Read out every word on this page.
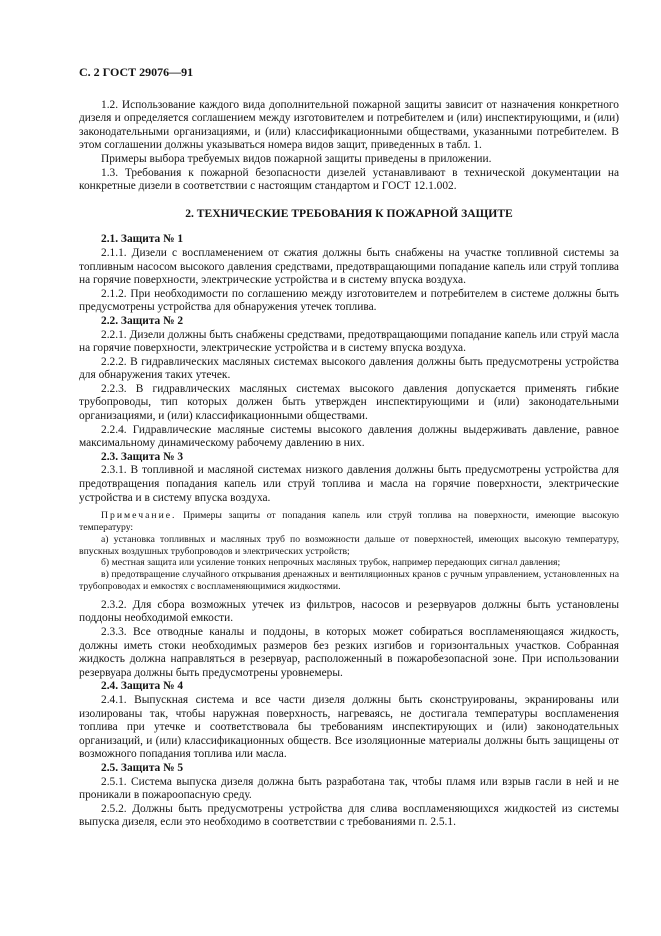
С. 2 ГОСТ 29076—91

1.2. Использование каждого вида дополнительной пожарной защиты зависит от назначения конкретного дизеля и определяется соглашением между изготовителем и потребителем и (или) инспектирующими, и (или) законодательными организациями, и (или) классификационными обществами, указанными потребителем. В этом соглашении должны указываться номера видов защит, приведенных в табл. 1.

Примеры выбора требуемых видов пожарной защиты приведены в приложении.

1.3. Требования к пожарной безопасности дизелей устанавливают в технической документации на конкретные дизели в соответствии с настоящим стандартом и ГОСТ 12.1.002.

2. ТЕХНИЧЕСКИЕ ТРЕБОВАНИЯ К ПОЖАРНОЙ ЗАЩИТЕ

2.1. Защита № 1

2.1.1. Дизели с воспламенением от сжатия должны быть снабжены на участке топливной системы за топливным насосом высокого давления средствами, предотвращающими попадание капель или струй топлива на горячие поверхности, электрические устройства и в систему впуска воздуха.

2.1.2. При необходимости по соглашению между изготовителем и потребителем в системе должны быть предусмотрены устройства для обнаружения утечек топлива.

2.2. Защита № 2

2.2.1. Дизели должны быть снабжены средствами, предотвращающими попадание капель или струй масла на горячие поверхности, электрические устройства и в систему впуска воздуха.

2.2.2. В гидравлических масляных системах высокого давления должны быть предусмотрены устройства для обнаружения таких утечек.

2.2.3. В гидравлических масляных системах высокого давления допускается применять гибкие трубопроводы, тип которых должен быть утвержден инспектирующими и (или) законодательными организациями, и (или) классификационными обществами.

2.2.4. Гидравлические масляные системы высокого давления должны выдерживать давление, равное максимальному динамическому рабочему давлению в них.

2.3. Защита № 3

2.3.1. В топливной и масляной системах низкого давления должны быть предусмотрены устройства для предотвращения попадания капель или струй топлива и масла на горячие поверхности, электрические устройства и в систему впуска воздуха.

Примечание. Примеры защиты от попадания капель или струй топлива на поверхности, имеющие высокую температуру:

а) установка топливных и масляных труб по возможности дальше от поверхностей, имеющих высокую температуру, впускных воздушных трубопроводов и электрических устройств;

б) местная защита или усиление тонких непрочных масляных трубок, например передающих сигнал давления;

в) предотвращение случайного открывания дренажных и вентиляционных кранов с ручным управлением, установленных на трубопроводах и емкостях с воспламеняющимися жидкостями.

2.3.2. Для сбора возможных утечек из фильтров, насосов и резервуаров должны быть установлены поддоны необходимой емкости.

2.3.3. Все отводные каналы и поддоны, в которых может собираться воспламеняющаяся жидкость, должны иметь стоки необходимых размеров без резких изгибов и горизонтальных участков. Собранная жидкость должна направляться в резервуар, расположенный в пожаробезопасной зоне. При использовании резервуара должны быть предусмотрены уровнемеры.

2.4. Защита № 4

2.4.1. Выпускная система и все части дизеля должны быть сконструированы, экранированы или изолированы так, чтобы наружная поверхность, нагреваясь, не достигала температуры воспламенения топлива при утечке и соответствовала бы требованиям инспектирующих и (или) законодательных организаций, и (или) классификационных обществ. Все изоляционные материалы должны быть защищены от возможного попадания топлива или масла.

2.5. Защита № 5

2.5.1. Система выпуска дизеля должна быть разработана так, чтобы пламя или взрыв гасли в ней и не проникали в пожароопасную среду.

2.5.2. Должны быть предусмотрены устройства для слива воспламеняющихся жидкостей из системы выпуска дизеля, если это необходимо в соответствии с требованиями п. 2.5.1.
